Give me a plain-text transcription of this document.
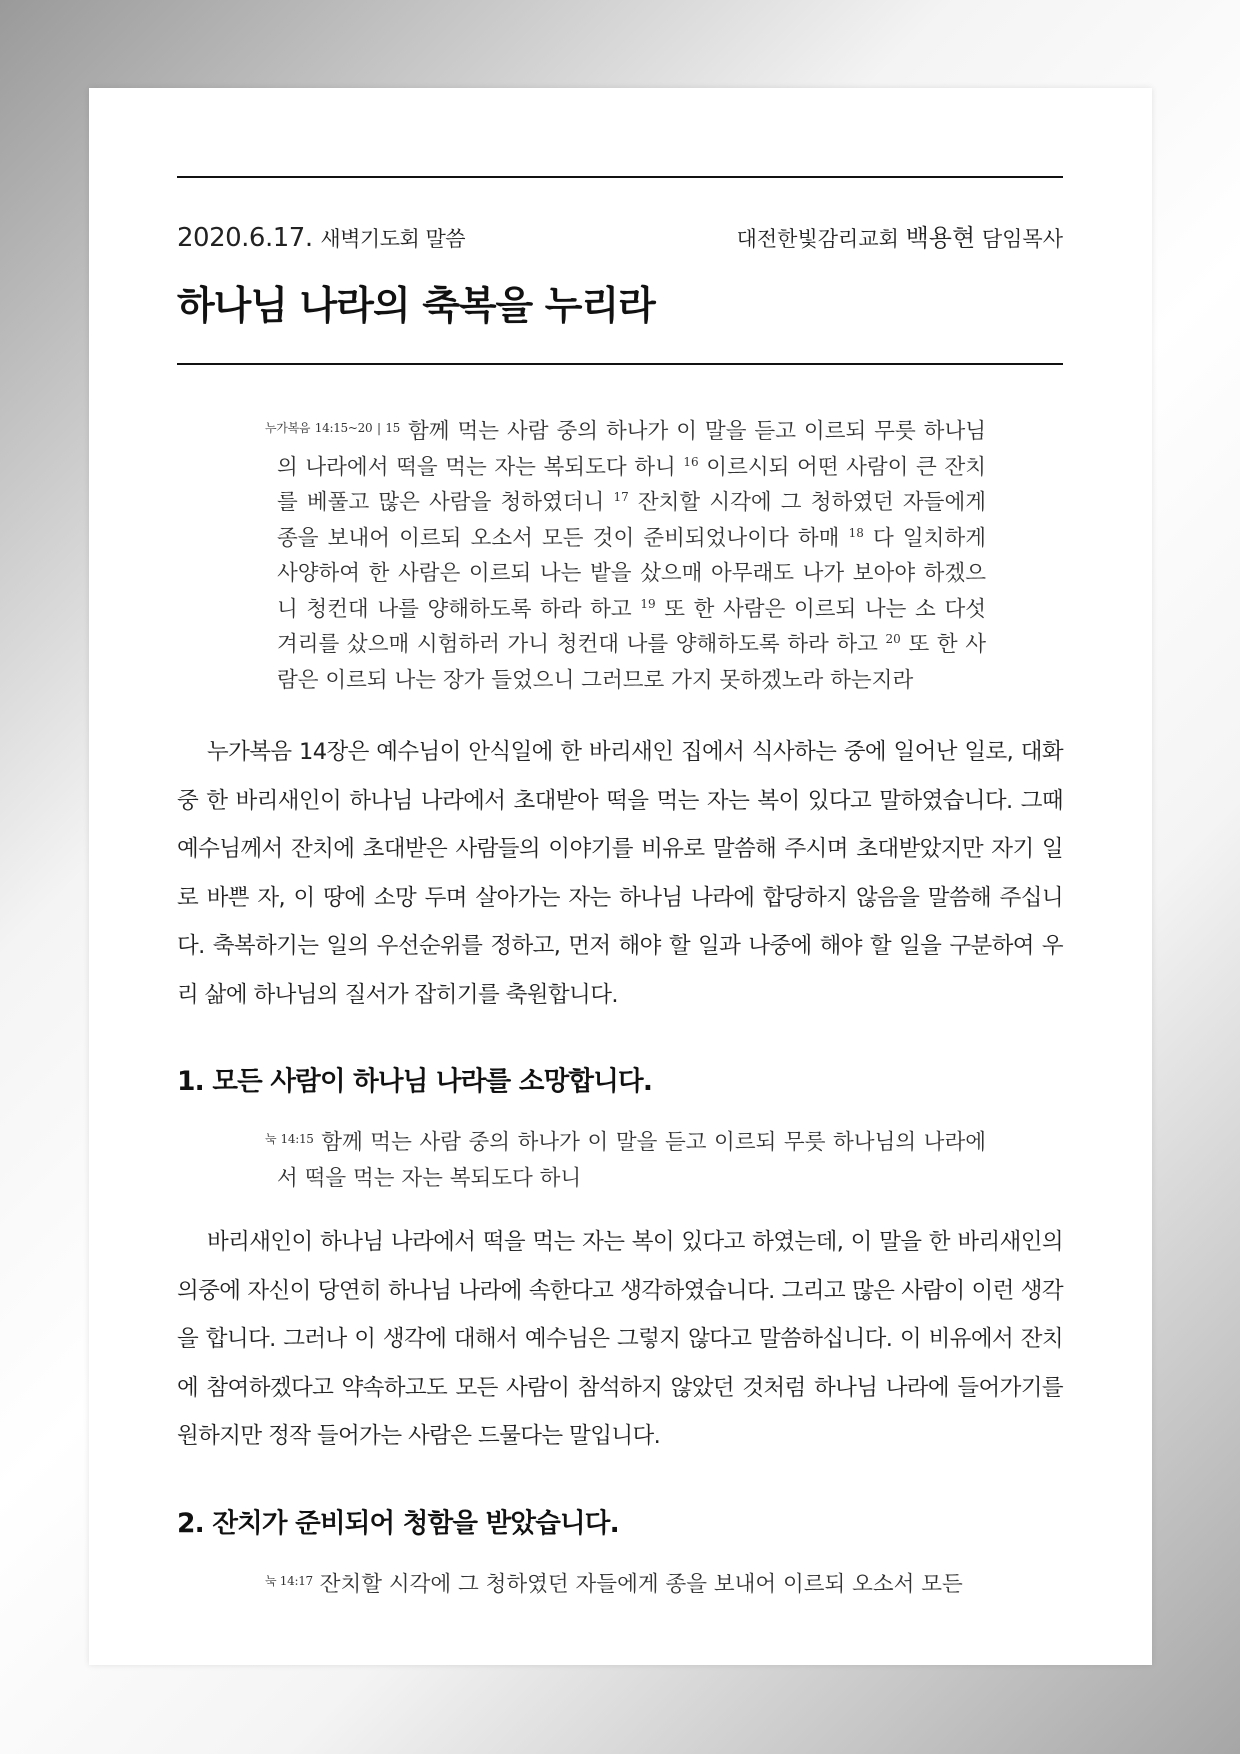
2020.6.17. 새벽기도회 말씀	대전한빛감리교회 백용현 담임목사
하나님 나라의 축복을 누리라
$^{누가복음 14:15\sim 20 | 15}$ 함께 먹는 사람 중의 하나가 이 말을 듣고 이르되 무릇 하나님의 나라에서 떡을 먹는 자는 복되도다 하니 $^{16}$ 이르시되 어떤 사람이 큰 잔치를 베풀고 많은 사람을 청하였더니 $^{17}$ 잔치할 시각에 그 청하였던 자들에게 종을 보내어 이르되 오소서 모든 것이 준비되었나이다 하매 $^{18}$ 다 일치하게 사양하여 한 사람은 이르되 나는 밭을 샀으매 아무래도 나가 보아야 하겠으니 청컨대 나를 양해하도록 하라 하고 $^{19}$ 또 한 사람은 이르되 나는 소 다섯 겨리를 샀으매 시험하러 가니 청컨대 나를 양해하도록 하라 하고 $^{20}$ 또 한 사람은 이르되 나는 장가 들었으니 그러므로 가지 못하겠노라 하는지라

누가복음 14장은 예수님이 안식일에 한 바리새인 집에서 식사하는 중에 일어난 일로, 대화 중 한 바리새인이 하나님 나라에서 초대받아 떡을 먹는 자는 복이 있다고 말하였습니다. 그때 예수님께서 잔치에 초대받은 사람들의 이야기를 비유로 말씀해 주시며 초대받았지만 자기 일로 바쁜 자, 이 땅에 소망 두며 살아가는 자는 하나님 나라에 합당하지 않음을 말씀해 주십니다. 축복하기는 일의 우선순위를 정하고, 먼저 해야 할 일과 나중에 해야 할 일을 구분하여 우리 삶에 하나님의 질서가 잡히기를 축원합니다.

1. 모든 사람이 하나님 나라를 소망합니다.
$^{눅 14:15}$ 함께 먹는 사람 중의 하나가 이 말을 듣고 이르되 무릇 하나님의 나라에서 떡을 먹는 자는 복되도다 하니

바리새인이 하나님 나라에서 떡을 먹는 자는 복이 있다고 하였는데, 이 말을 한 바리새인의 의중에 자신이 당연히 하나님 나라에 속한다고 생각하였습니다. 그리고 많은 사람이 이런 생각을 합니다. 그러나 이 생각에 대해서 예수님은 그렇지 않다고 말씀하십니다. 이 비유에서 잔치에 참여하겠다고 약속하고도 모든 사람이 참석하지 않았던 것처럼 하나님 나라에 들어가기를 원하지만 정작 들어가는 사람은 드물다는 말입니다.

2. 잔치가 준비되어 청함을 받았습니다.
$^{눅 14:17}$ 잔치할 시각에 그 청하였던 자들에게 종을 보내어 이르되 오소서 모든
